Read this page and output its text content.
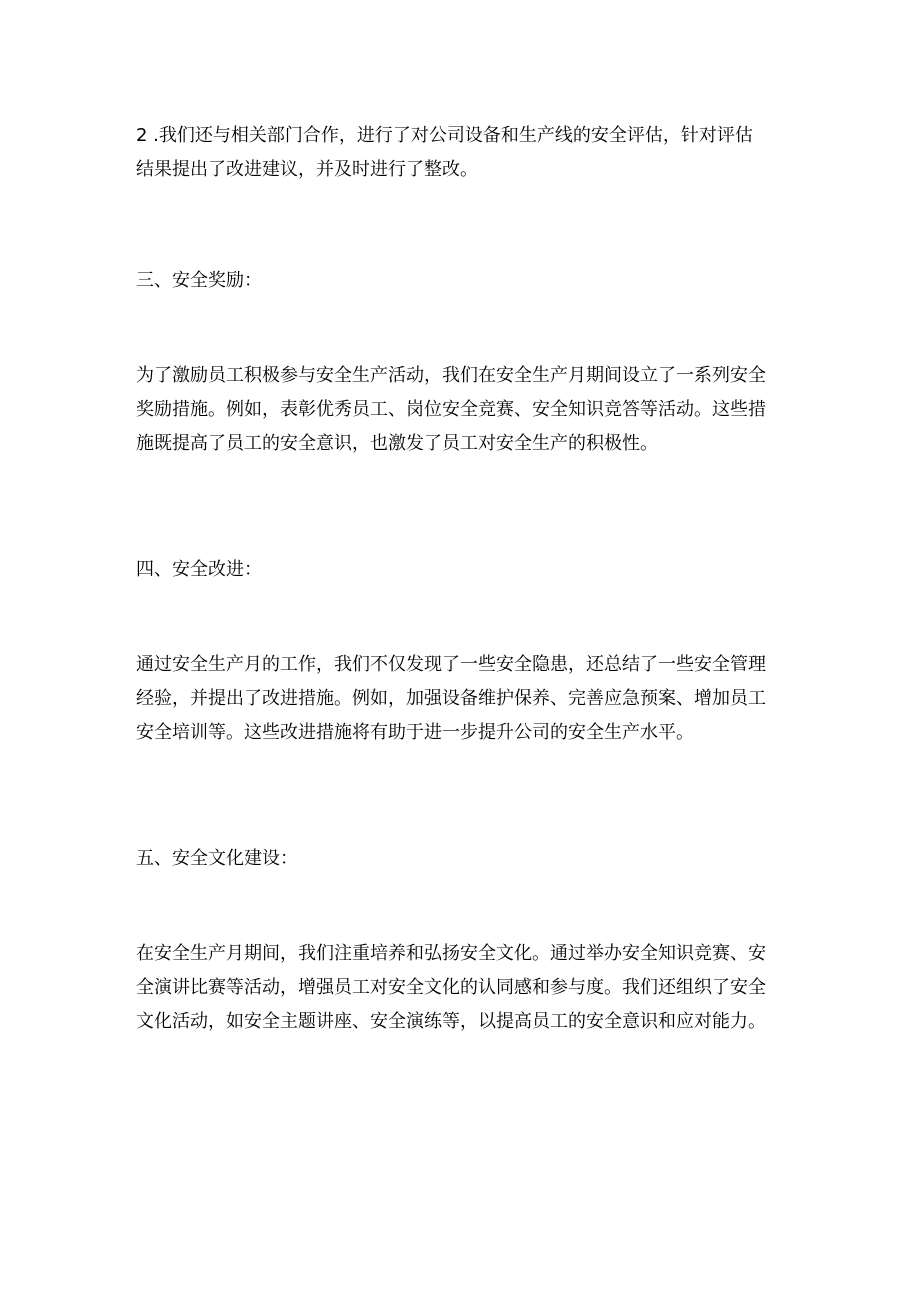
2 .我们还与相关部门合作，进行了对公司设备和生产线的安全评估，针对评估
结果提出了改进建议，并及时进行了整改。
三、安全奖励：
为了激励员工积极参与安全生产活动，我们在安全生产月期间设立了一系列安全
奖励措施。例如，表彰优秀员工、岗位安全竞赛、安全知识竞答等活动。这些措
施既提高了员工的安全意识，也激发了员工对安全生产的积极性。
四、安全改进：
通过安全生产月的工作，我们不仅发现了一些安全隐患，还总结了一些安全管理
经验，并提出了改进措施。例如，加强设备维护保养、完善应急预案、增加员工
安全培训等。这些改进措施将有助于进一步提升公司的安全生产水平。
五、安全文化建设：
在安全生产月期间，我们注重培养和弘扬安全文化。通过举办安全知识竞赛、安
全演讲比赛等活动，增强员工对安全文化的认同感和参与度。我们还组织了安全
文化活动，如安全主题讲座、安全演练等，以提高员工的安全意识和应对能力。
